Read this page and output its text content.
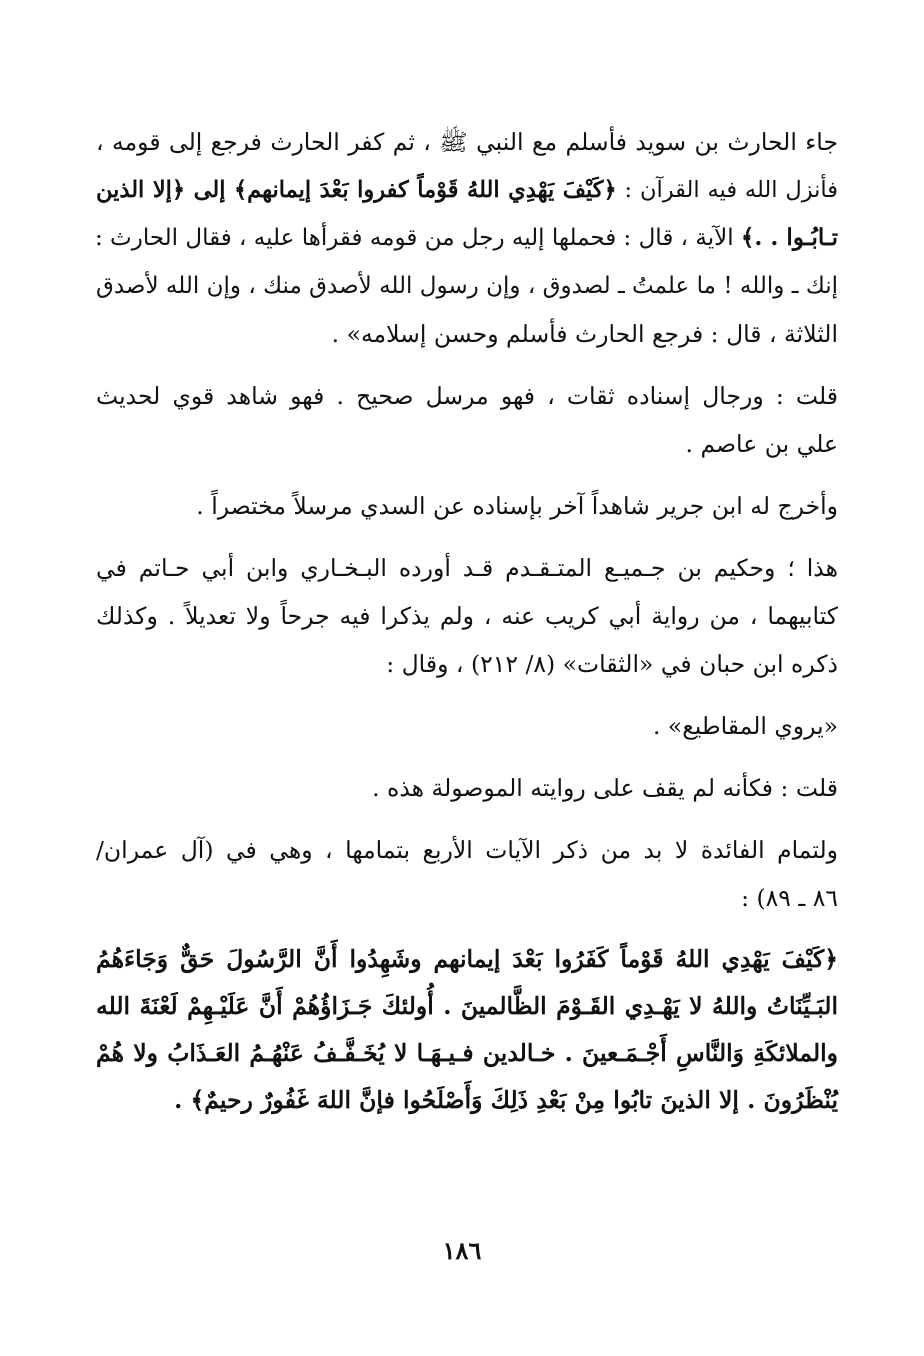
جاء الحارث بن سويد فأسلم مع النبي ﷺ ، ثم كفر الحارث فرجع إلى قومه ،
فأنزل الله فيه القرآن : ﴿كَيْفَ يَهْدِي اللهُ قَوْماً كفروا بَعْدَ إيمانهم﴾ إلى ﴿إلا الذين
تـابُـوا . .﴾ الآية ، قال : فحملها إليه رجل من قومه فقرأها عليه ، فقال الحارث :
إنك ـ والله ! ما علمتُ ـ لصدوق ، وإن رسول الله لأصدق منك ، وإن الله لأصدق
الثلاثة ، قال : فرجع الحارث فأسلم وحسن إسلامه» .

قلت : ورجال إسناده ثقات ، فهو مرسل صحيح . فهو شاهد قوي لحديث
علي بن عاصم .

وأخرج له ابن جرير شاهداً آخر بإسناده عن السدي مرسلاً مختصراً .

هذا ؛ وحكيم بن جـميـع المتـقـدم قـد أورده البـخـاري وابن أبي حـاتم في
كتابيهما ، من رواية أبي كريب عنه ، ولم يذكرا فيه جرحاً ولا تعديلاً . وكذلك
ذكره ابن حبان في «الثقات» (٨/ ٢١٢) ، وقال :

«يروي المقاطيع» .

قلت : فكأنه لم يقف على روايته الموصولة هذه .

ولتمام الفائدة لا بد من ذكر الآيات الأربع بتمامها ، وهي في (آل عمران/
٨٦ ـ ٨٩) :

﴿كَيْفَ يَهْدِي اللهُ قَوْماً كَفَرُوا بَعْدَ إيمانهم وشَهِدُوا أَنَّ الرَّسُولَ حَقٌّ وَجَاءَهُمُ
البَـيِّنَاتُ واللهُ لا يَهْـدِي القَـوْمَ الظَّالمينَ . أُولئكَ جَـزَاؤُهُمْ أَنَّ عَلَيْـهِمْ لَعْنَةَ الله
والملائكَةِ وَالنَّاسِ أَجْـمَـعينَ . خـالدين فـيـهَـا لا يُخَـفَّـفُ عَنْهُـمُ العَـذَابُ ولا هُمْ
يُنْظَرُونَ . إلا الذينَ تابُوا مِنْ بَعْدِ ذَلِكَ وَأَصْلَحُوا فإنَّ اللهَ غَفُورٌ رحيمٌ﴾ .

١٨٦
